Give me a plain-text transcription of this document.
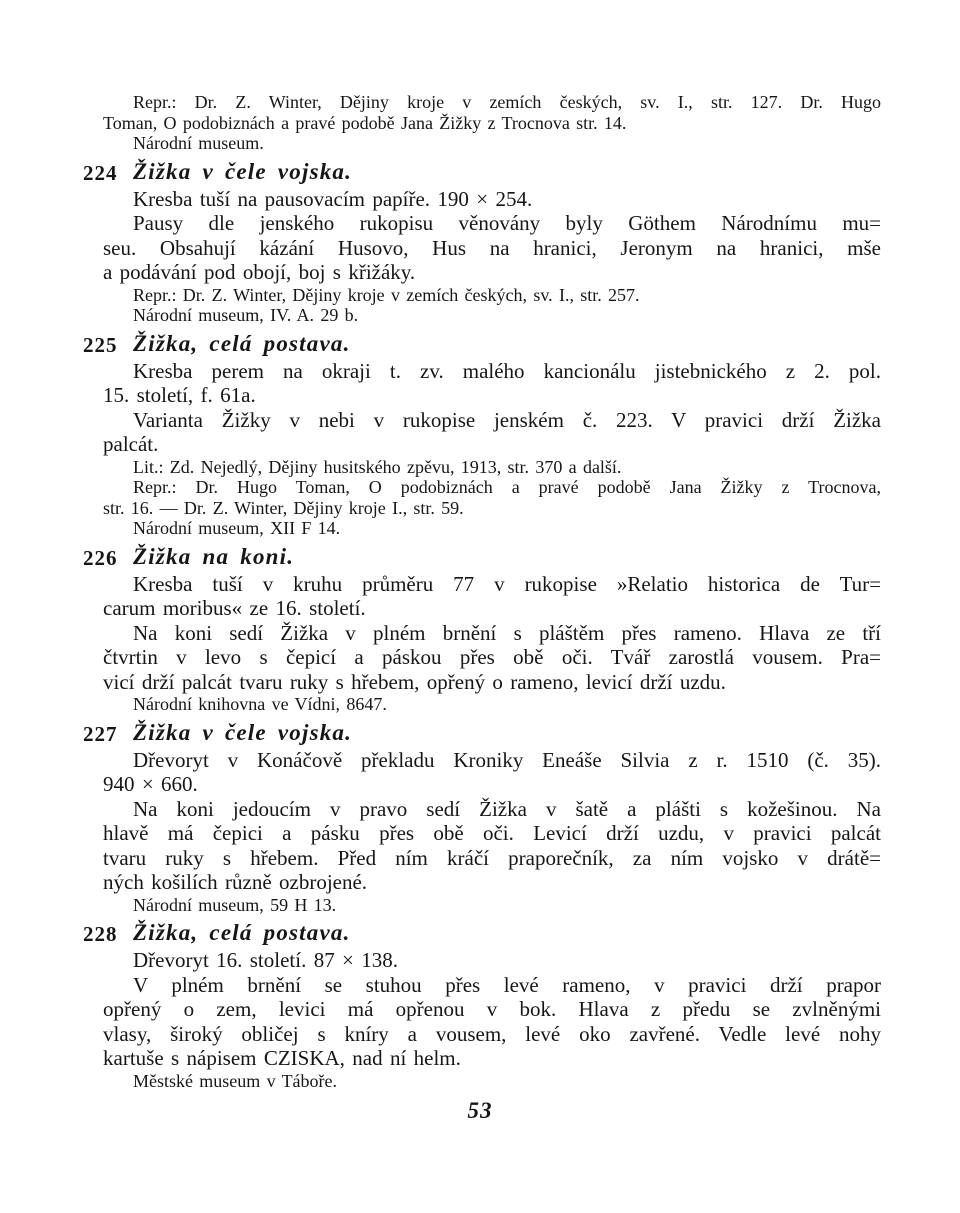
Repr.: Dr. Z. Winter, Dějiny kroje v zemích českých, sv. I., str. 127. Dr. Hugo
Toman, O podobiznách a pravé podobě Jana Žižky z Trocnova str. 14.
Národní museum.
224 Žižka v čele vojska.
Kresba tuší na pausovacím papíře. 190 × 254.
Pausy dle jenského rukopisu věnovány byly Göthem Národnímu mu=
seu. Obsahují kázání Husovo, Hus na hranici, Jeronym na hranici, mše
a podávání pod obojí, boj s křižáky.
Repr.: Dr. Z. Winter, Dějiny kroje v zemích českých, sv. I., str. 257.
Národní museum, IV. A. 29 b.
225 Žižka, celá postava.
Kresba perem na okraji t. zv. malého kancionálu jistebnického z 2. pol.
15. století, f. 61a.
Varianta Žižky v nebi v rukopise jenském č. 223. V pravici drží Žižka
palcát.
Lit.: Zd. Nejedlý, Dějiny husitského zpěvu, 1913, str. 370 a další.
Repr.: Dr. Hugo Toman, O podobiznách a pravé podobě Jana Žižky z Trocnova,
str. 16. — Dr. Z. Winter, Dějiny kroje I., str. 59.
Národní museum, XII F 14.
226 Žižka na koni.
Kresba tuší v kruhu průměru 77 v rukopise »Relatio historica de Tur=
carum moribus« ze 16. století.
Na koni sedí Žižka v plném brnění s pláštěm přes rameno. Hlava ze tří
čtvrtin v levo s čepicí a páskou přes obě oči. Tvář zarostlá vousem. Pra=
vicí drží palcát tvaru ruky s hřebem, opřený o rameno, levicí drží uzdu.
Národní knihovna ve Vídni, 8647.
227 Žižka v čele vojska.
Dřevoryt v Konáčově překladu Kroniky Eneáše Silvia z r. 1510 (č. 35).
940 × 660.
Na koni jedoucím v pravo sedí Žižka v šatě a plášti s kožešinou. Na
hlavě má čepici a pásku přes obě oči. Levicí drží uzdu, v pravici palcát
tvaru ruky s hřebem. Před ním kráčí praporečník, za ním vojsko v drátě=
ných košilích různě ozbrojené.
Národní museum, 59 H 13.
228 Žižka, celá postava.
Dřevoryt 16. století. 87 × 138.
V plném brnění se stuhou přes levé rameno, v pravici drží prapor
opřený o zem, levici má opřenou v bok. Hlava z předu se zvlněnými
vlasy, široký obličej s kníry a vousem, levé oko zavřené. Vedle levé nohy
kartuše s nápisem CZISKA, nad ní helm.
Městské museum v Táboře.
53
